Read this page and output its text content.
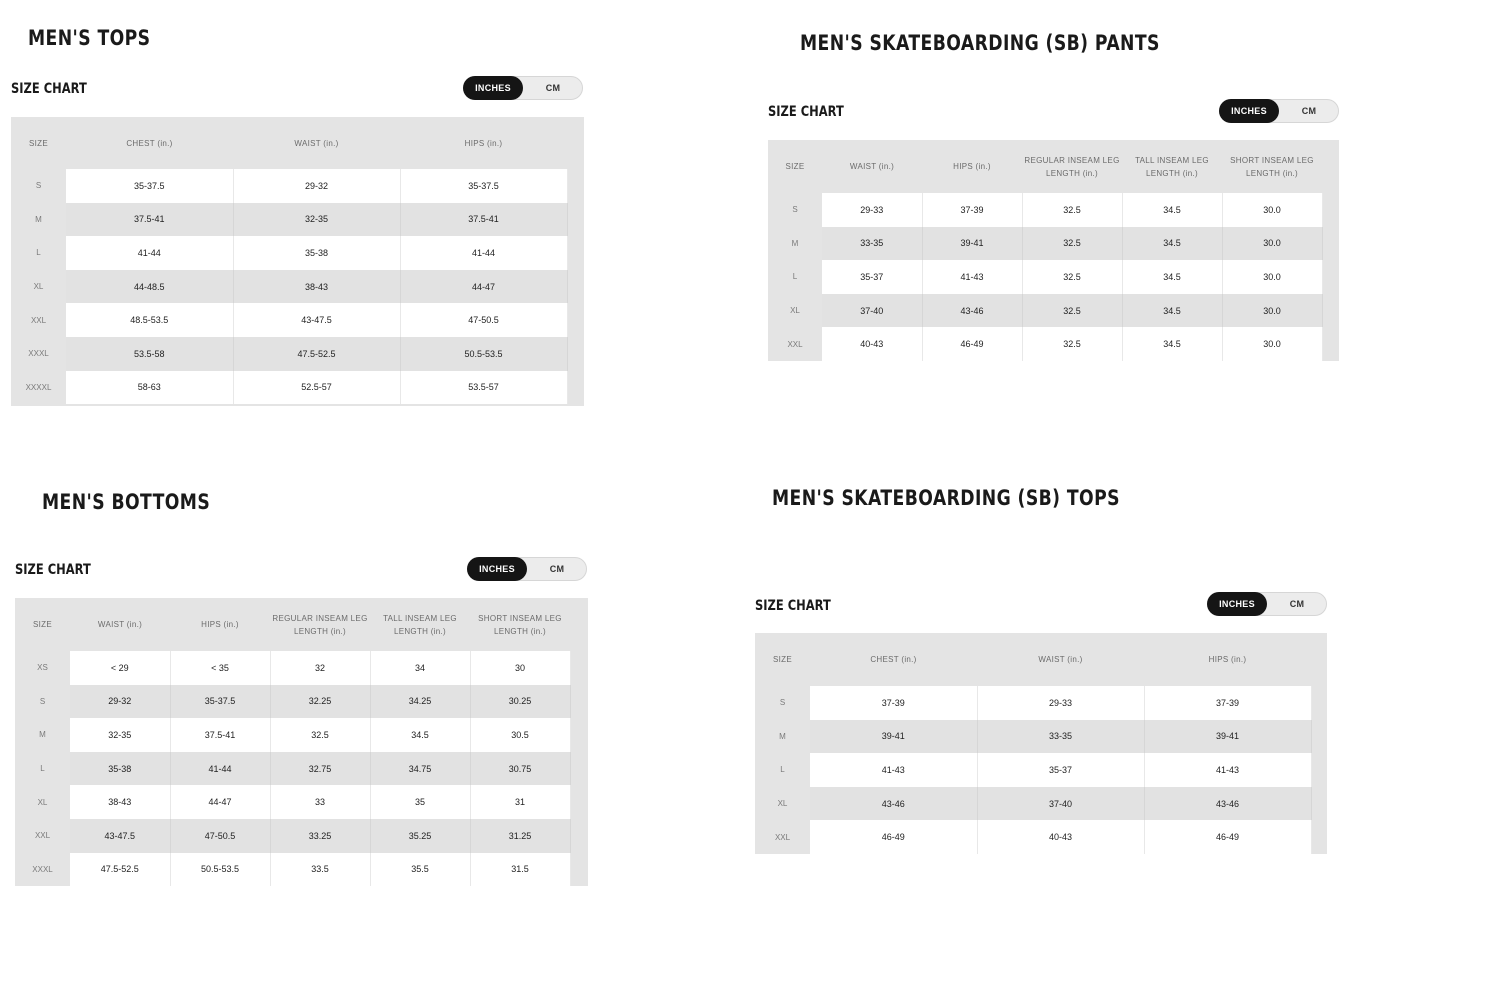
MEN'S TOPS
SIZE CHART	INCHES	CM
SIZE	CHEST (in.)	WAIST (in.)	HIPS (in.)
S	35-37.5	29-32	35-37.5
M	37.5-41	32-35	37.5-41
L	41-44	35-38	41-44
XL	44-48.5	38-43	44-47
XXL	48.5-53.5	43-47.5	47-50.5
XXXL	53.5-58	47.5-52.5	50.5-53.5
XXXXL	58-63	52.5-57	53.5-57
MEN'S SKATEBOARDING (SB) PANTS
SIZE CHART	INCHES	CM
SIZE	WAIST (in.)	HIPS (in.)	REGULAR INSEAM LEG LENGTH (in.)	TALL INSEAM LEG LENGTH (in.)	SHORT INSEAM LEG LENGTH (in.)
S	29-33	37-39	32.5	34.5	30.0
M	33-35	39-41	32.5	34.5	30.0
L	35-37	41-43	32.5	34.5	30.0
XL	37-40	43-46	32.5	34.5	30.0
XXL	40-43	46-49	32.5	34.5	30.0
MEN'S BOTTOMS
SIZE CHART	INCHES	CM
SIZE	WAIST (in.)	HIPS (in.)	REGULAR INSEAM LEG LENGTH (in.)	TALL INSEAM LEG LENGTH (in.)	SHORT INSEAM LEG LENGTH (in.)
XS	< 29	< 35	32	34	30
S	29-32	35-37.5	32.25	34.25	30.25
M	32-35	37.5-41	32.5	34.5	30.5
L	35-38	41-44	32.75	34.75	30.75
XL	38-43	44-47	33	35	31
XXL	43-47.5	47-50.5	33.25	35.25	31.25
XXXL	47.5-52.5	50.5-53.5	33.5	35.5	31.5
MEN'S SKATEBOARDING (SB) TOPS
SIZE CHART	INCHES	CM
SIZE	CHEST (in.)	WAIST (in.)	HIPS (in.)
S	37-39	29-33	37-39
M	39-41	33-35	39-41
L	41-43	35-37	41-43
XL	43-46	37-40	43-46
XXL	46-49	40-43	46-49
